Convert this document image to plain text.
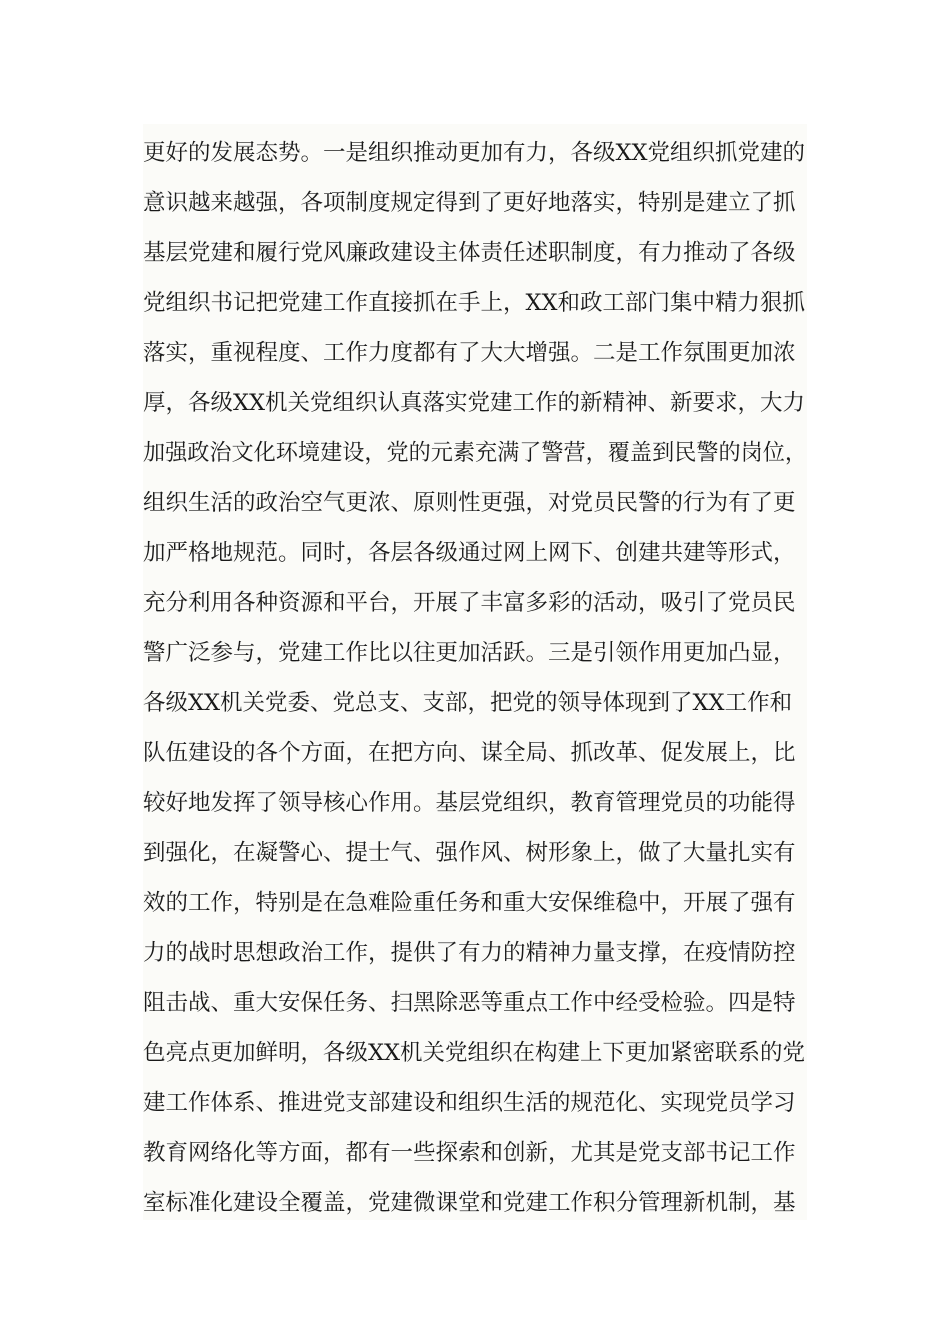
更好的发展态势。一是组织推动更加有力，各级XX党组织抓党建的
意识越来越强，各项制度规定得到了更好地落实，特别是建立了抓
基层党建和履行党风廉政建设主体责任述职制度，有力推动了各级
党组织书记把党建工作直接抓在手上，XX和政工部门集中精力狠抓
落实，重视程度、工作力度都有了大大增强。二是工作氛围更加浓
厚，各级XX机关党组织认真落实党建工作的新精神、新要求，大力
加强政治文化环境建设，党的元素充满了警营，覆盖到民警的岗位，
组织生活的政治空气更浓、原则性更强，对党员民警的行为有了更
加严格地规范。同时，各层各级通过网上网下、创建共建等形式，
充分利用各种资源和平台，开展了丰富多彩的活动，吸引了党员民
警广泛参与，党建工作比以往更加活跃。三是引领作用更加凸显，
各级XX机关党委、党总支、支部，把党的领导体现到了XX工作和
队伍建设的各个方面，在把方向、谋全局、抓改革、促发展上，比
较好地发挥了领导核心作用。基层党组织，教育管理党员的功能得
到强化，在凝警心、提士气、强作风、树形象上，做了大量扎实有
效的工作，特别是在急难险重任务和重大安保维稳中，开展了强有
力的战时思想政治工作，提供了有力的精神力量支撑，在疫情防控
阻击战、重大安保任务、扫黑除恶等重点工作中经受检验。四是特
色亮点更加鲜明，各级XX机关党组织在构建上下更加紧密联系的党
建工作体系、推进党支部建设和组织生活的规范化、实现党员学习
教育网络化等方面，都有一些探索和创新，尤其是党支部书记工作
室标准化建设全覆盖，党建微课堂和党建工作积分管理新机制，基
